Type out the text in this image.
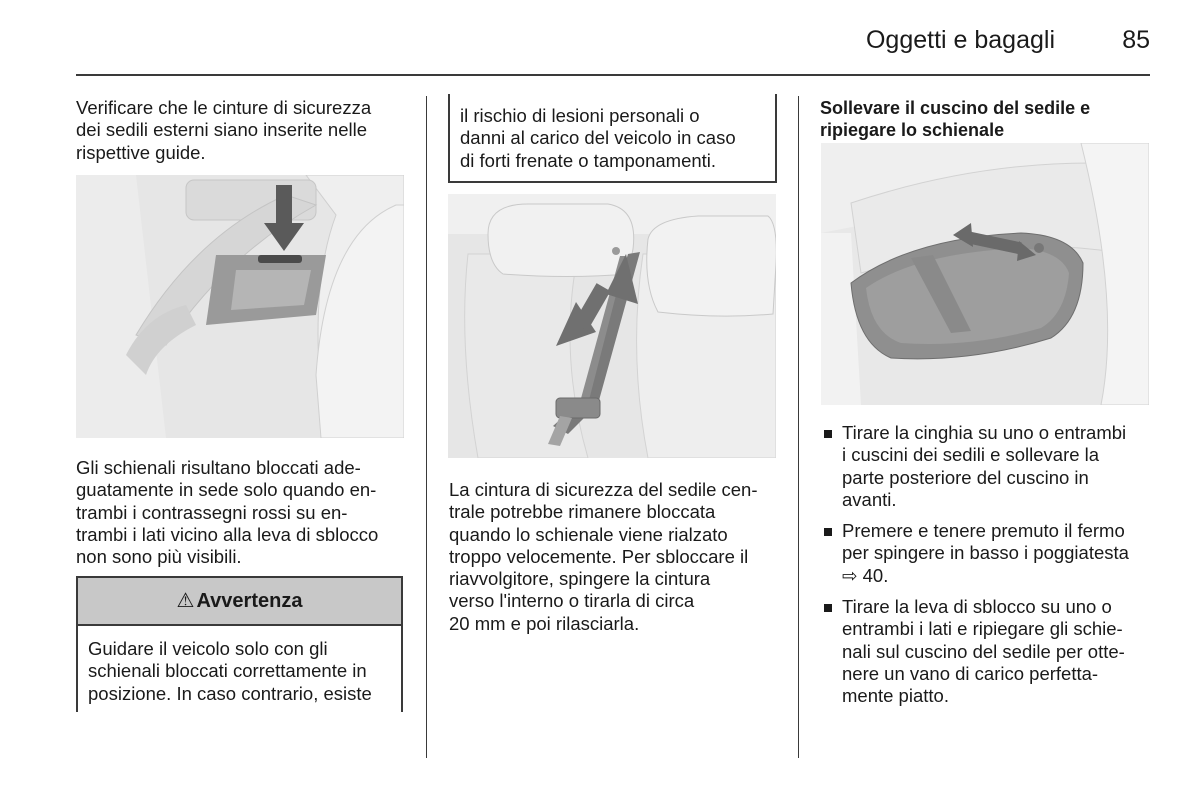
Oggetti e bagagli	85
Verificare che le cinture di sicurezza
dei sedili esterni siano inserite nelle
rispettive guide.
Gli schienali risultano bloccati ade-
guatamente in sede solo quando en-
trambi i contrassegni rossi su en-
trambi i lati vicino alla leva di sblocco
non sono più visibili.
⚠ Avvertenza
Guidare il veicolo solo con gli
schienali bloccati correttamente in
posizione. In caso contrario, esiste
il rischio di lesioni personali o
danni al carico del veicolo in caso
di forti frenate o tamponamenti.
La cintura di sicurezza del sedile cen-
trale potrebbe rimanere bloccata
quando lo schienale viene rialzato
troppo velocemente. Per sbloccare il
riavvolgitore, spingere la cintura
verso l'interno o tirarla di circa
20 mm e poi rilasciarla.
Sollevare il cuscino del sedile e
ripiegare lo schienale
Tirare la cinghia su uno o entrambi
i cuscini dei sedili e sollevare la
parte posteriore del cuscino in
avanti.
Premere e tenere premuto il fermo
per spingere in basso i poggiatesta
⇨ 40.
Tirare la leva di sblocco su uno o
entrambi i lati e ripiegare gli schie-
nali sul cuscino del sedile per otte-
nere un vano di carico perfetta-
mente piatto.
